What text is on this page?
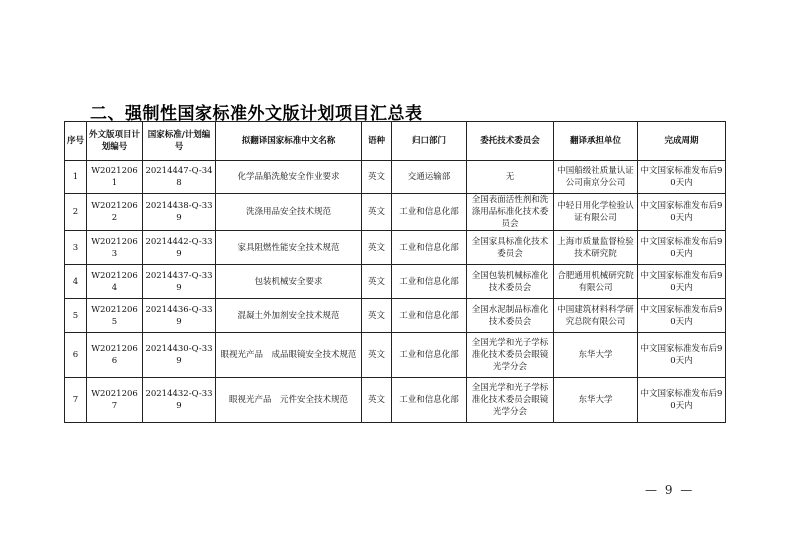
二、强制性国家标准外文版计划项目汇总表
序号	外文版项目计划编号	国家标准/计划编号	拟翻译国家标准中文名称	语种	归口部门	委托技术委员会	翻译承担单位	完成周期
1	W20212061	20214447-Q-348	化学品船洗舱安全作业要求	英文	交通运输部	无	中国船级社质量认证公司南京分公司	中文国家标准发布后90天内
2	W20212062	20214438-Q-339	洗涤用品安全技术规范	英文	工业和信息化部	全国表面活性剂和洗涤用品标准化技术委员会	中轻日用化学检验认证有限公司	中文国家标准发布后90天内
3	W20212063	20214442-Q-339	家具阻燃性能安全技术规范	英文	工业和信息化部	全国家具标准化技术委员会	上海市质量监督检验技术研究院	中文国家标准发布后90天内
4	W20212064	20214437-Q-339	包装机械安全要求	英文	工业和信息化部	全国包装机械标准化技术委员会	合肥通用机械研究院有限公司	中文国家标准发布后90天内
5	W20212065	20214436-Q-339	混凝土外加剂安全技术规范	英文	工业和信息化部	全国水泥制品标准化技术委员会	中国建筑材料科学研究总院有限公司	中文国家标准发布后90天内
6	W20212066	20214430-Q-339	眼视光产品　成品眼镜安全技术规范	英文	工业和信息化部	全国光学和光子学标准化技术委员会眼镜光学分会	东华大学	中文国家标准发布后90天内
7	W20212067	20214432-Q-339	眼视光产品　元件安全技术规范	英文	工业和信息化部	全国光学和光子学标准化技术委员会眼镜光学分会	东华大学	中文国家标准发布后90天内
— 9 —
